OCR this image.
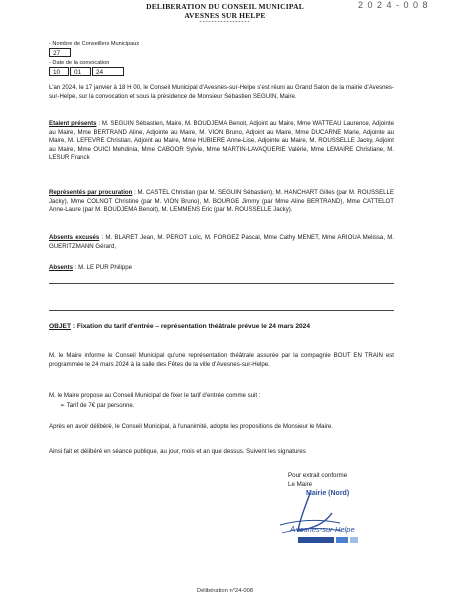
DELIBERATION DU CONSEIL MUNICIPAL
AVESNES SUR HELPE
-----------------
2 0 2 4 - 0 0 8
- Nombre de Conseillers Municipaux
27
- Date de la convocation
10	01	24
L'an 2024, le 17 janvier à 18 H 00, le Conseil Municipal d'Avesnes-sur-Helpe s'est réuni au Grand Salon de la mairie d'Avesnes-sur-Helpe, sur la convocation et sous la présidence de Monsieur Sébastien SEGUIN, Maire.
Etaient présents : M. SEGUIN Sébastien, Maire, M. BOUDJEMA Benoit, Adjoint au Maire, Mme WATTEAU Laurence, Adjointe au Maire, Mme BERTRAND Aline, Adjointe au Maire, M. VION Bruno, Adjoint au Maire, Mme DUCARNE Marie, Adjointe au Maire, M. LEFEVRE Christian, Adjoint au Maire, Mme HUBIERE Anne-Lise, Adjointe au Maire, M. ROUSSELLE Jacky, Adjoint au Maire, Mme OUICI Mehdinia, Mme CABOOR Sylvie, Mme MARTIN-LAVAQUERIE Valérie, Mme LEMAIRE Christiane, M. LESUR Franck
Représentés par procuration : M. CASTEL Christian (par M. SEGUIN Sébastien), M. HANCHART Gilles (par M. ROUSSELLE Jacky), Mme COLNOT Christine (par M. VION Bruno), M. BOURGE Jimmy (par Mme Aline BERTRAND), Mme CATTELOT Anne-Laure (par M. BOUDJEMA Benoit), M. LEMMENS Eric (par M. ROUSSELLE Jacky).
Absents excusés : M. BLARET Jean, M. PEROT Loïc, M. FORGEZ Pascal, Mme Cathy MENET, Mme ARIOUA Melissa, M. GUERITZMANN Gérard,
Absents : M. LE PUR Philippe
OBJET : Fixation du tarif d'entrée – représentation théâtrale prévue le 24 mars 2024
M. le Maire informe le Conseil Municipal qu'une représentation théâtrale assurée par la compagnie BOUT EN TRAIN est programmée le 24 mars 2024 à la salle des Fêtes de la ville d'Avesnes-sur-Helpe.
M. le Maire propose au Conseil Municipal de fixer le tarif d'entrée comme suit :
➢ Tarif de 7€ par personne.
Après en avoir délibéré, le Conseil Municipal, à l'unanimité, adopte les propositions de Monsieur le Maire.
Ainsi fait et délibéré en séance publique, au jour, mois et an que dessus. Suivent les signatures
Pour extrait conforme
Le Maire
Mairie (Nord)
A vesnes-sur-Helpe
Délibération n°24-008
